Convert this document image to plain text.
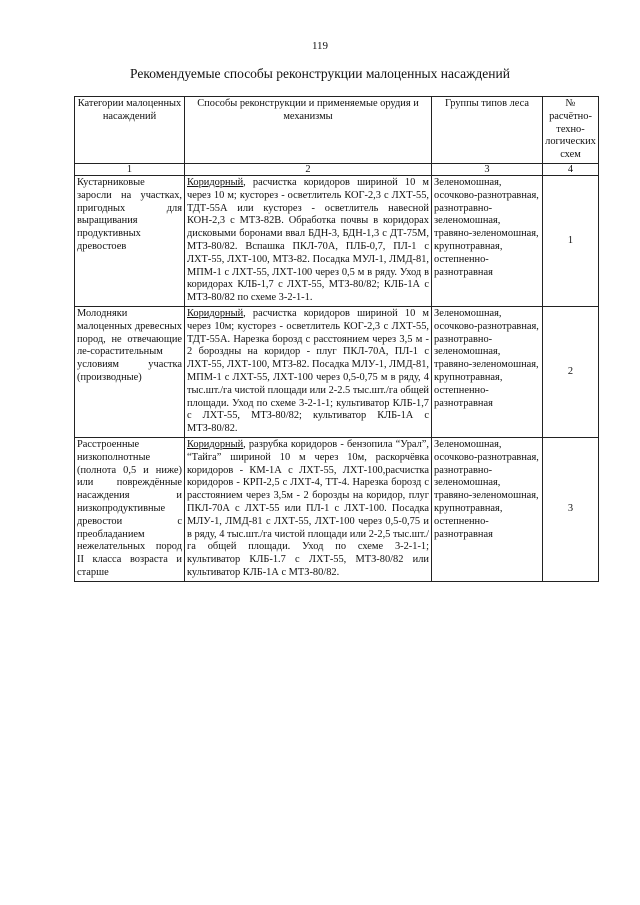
119
Рекомендуемые способы реконструкции малоценных насаждений
Категории малоценных насаждений	Способы реконструкции и применяемые орудия и механизмы	Группы типов леса	№ расчётно-техно-логических схем
1	2	3	4
Кустарниковые заросли на участках, пригодных для выращивания продуктивных древостоев	Коридорный, расчистка коридоров шириной 10 м через 10 м; кусторез - осветлитель КОГ-2,3 с ЛХТ-55, ТДТ-55А или кусторез - осветлитель навесной КОН-2,3 с МТЗ-82В. Обработка почвы в коридорах дисковыми боронами ввал БДН-3, БДН-1,3 с ДТ-75М, МТЗ-80/82. Вспашка ПКЛ-70А, ПЛБ-0,7, ПЛ-1 с ЛХТ-55, ЛХТ-100, МТЗ-82. Посадка МУЛ-1, ЛМД-81, МПМ-1 с ЛХТ-55, ЛХТ-100 через 0,5 м в ряду. Уход в коридорах КЛБ-1,7 с ЛХТ-55, МТЗ-80/82; КЛБ-1А с МТЗ-80/82 по схеме 3-2-1-1.	Зеленомошная, осочково-разнотравная, разнотравно-зеленомошная, травяно-зеленомошная, крупнотравная, остепненно-разнотравная	1
Молодняки малоценных древесных пород, не отвечающие ле-сорастительным условиям участка (производные)	Коридорный, расчистка коридоров шириной 10 м через 10м; кусторез - осветлитель КОГ-2,3 с ЛХТ-55, ТДТ-55А. Нарезка борозд с расстоянием через 3,5 м - 2 бороздны на коридор - плуг ПКЛ-70А, ПЛ-1 с ЛХТ-55, ЛХТ-100, МТЗ-82. Посадка МЛУ-1, ЛМД-81, МПМ-1 с ЛХТ-55, ЛХТ-100 через 0,5-0,75 м в ряду, 4 тыс.шт./га чистой площади или 2-2.5 тыс.шт./га общей площади. Уход по схеме 3-2-1-1; культиватор КЛБ-1,7 с ЛХТ-55, МТЗ-80/82; культиватор КЛБ-1А с МТЗ-80/82.	Зеленомошная, осочково-разнотравная, разнотравно-зеленомошная, травяно-зеленомошная, крупнотравная, остепненно-разнотравная	2
Расстроенные низкополнотные (полнота 0,5 и ниже) или повреждённые насаждения и низкопродуктивные древостои с преобладанием нежелательных пород II класса возраста и старше	Коридорный, разрубка коридоров - бензопила “Урал”, “Тайга” шириной 10 м через 10м, раскорчёвка коридоров - КМ-1А с ЛХТ-55, ЛХТ-100,расчистка коридоров - КРП-2,5 с ЛХТ-4, ТТ-4. Нарезка борозд с расстоянием через 3,5м - 2 борозды на коридор, плуг ПКЛ-70А с ЛХТ-55 или ПЛ-1 с ЛХТ-100. Посадка МЛУ-1, ЛМД-81 с ЛХТ-55, ЛХТ-100 через 0,5-0,75 и в ряду, 4 тыс.шт./га чистой площади или 2-2,5 тыс.шт./га общей площади. Уход по схеме 3-2-1-1; культиватор КЛБ-1.7 с ЛХТ-55, МТЗ-80/82 или культиватор КЛБ-1А с МТЗ-80/82.	Зеленомошная, осочково-разнотравная, разнотравно-зеленомошная, травяно-зеленомошная, крупнотравная, остепненно-разнотравная	3
